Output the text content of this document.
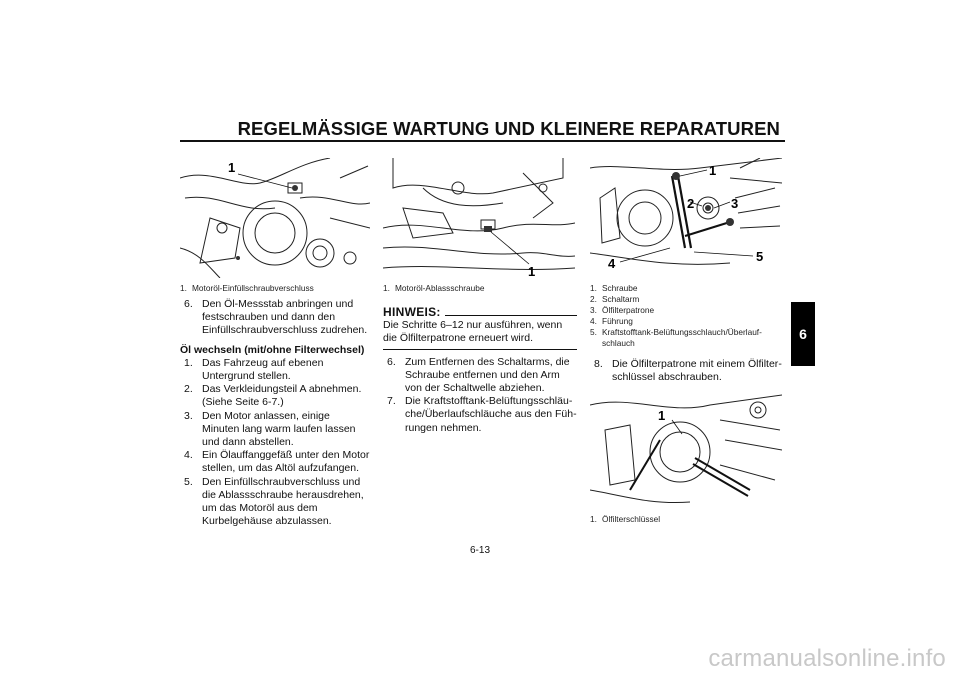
REGELMÄSSIGE WARTUNG UND KLEINERE REPARATUREN
1
1. Motoröl-Einfüllschraubverschluss
6. Den Öl-Messstab anbringen und festschrauben und dann den Einfüllschraubverschluss zudrehen.
Öl wechseln (mit/ohne Filterwechsel)
1. Das Fahrzeug auf ebenen Untergrund stellen.
2. Das Verkleidungsteil A abnehmen. (Siehe Seite 6-7.)
3. Den Motor anlassen, einige Minuten lang warm laufen lassen und dann abstellen.
4. Ein Ölauffanggefäß unter den Motor stellen, um das Altöl aufzufangen.
5. Den Einfüllschraubverschluss und die Ablassschraube herausdrehen, um das Motoröl aus dem Kurbelgehäuse abzulassen.
1
1. Motoröl-Ablassschraube
HINWEIS:
Die Schritte 6–12 nur ausführen, wenn die Ölfilterpatrone erneuert wird.
6. Zum Entfernen des Schaltarms, die Schraube entfernen und den Arm von der Schaltwelle abziehen.
7. Die Kraftstofftank-Belüftungsschläuche/Überlaufschläuche aus den Führungen nehmen.
1
2	3
4	5
1. Schraube
2. Schaltarm
3. Ölfilterpatrone
4. Führung
5. Kraftstofftank-Belüftungsschlauch/Überlaufschlauch
8. Die Ölfilterpatrone mit einem Ölfilterschlüssel abschrauben.
1
1. Ölfilterschlüssel
6
6-13
carmanualsonline.info
